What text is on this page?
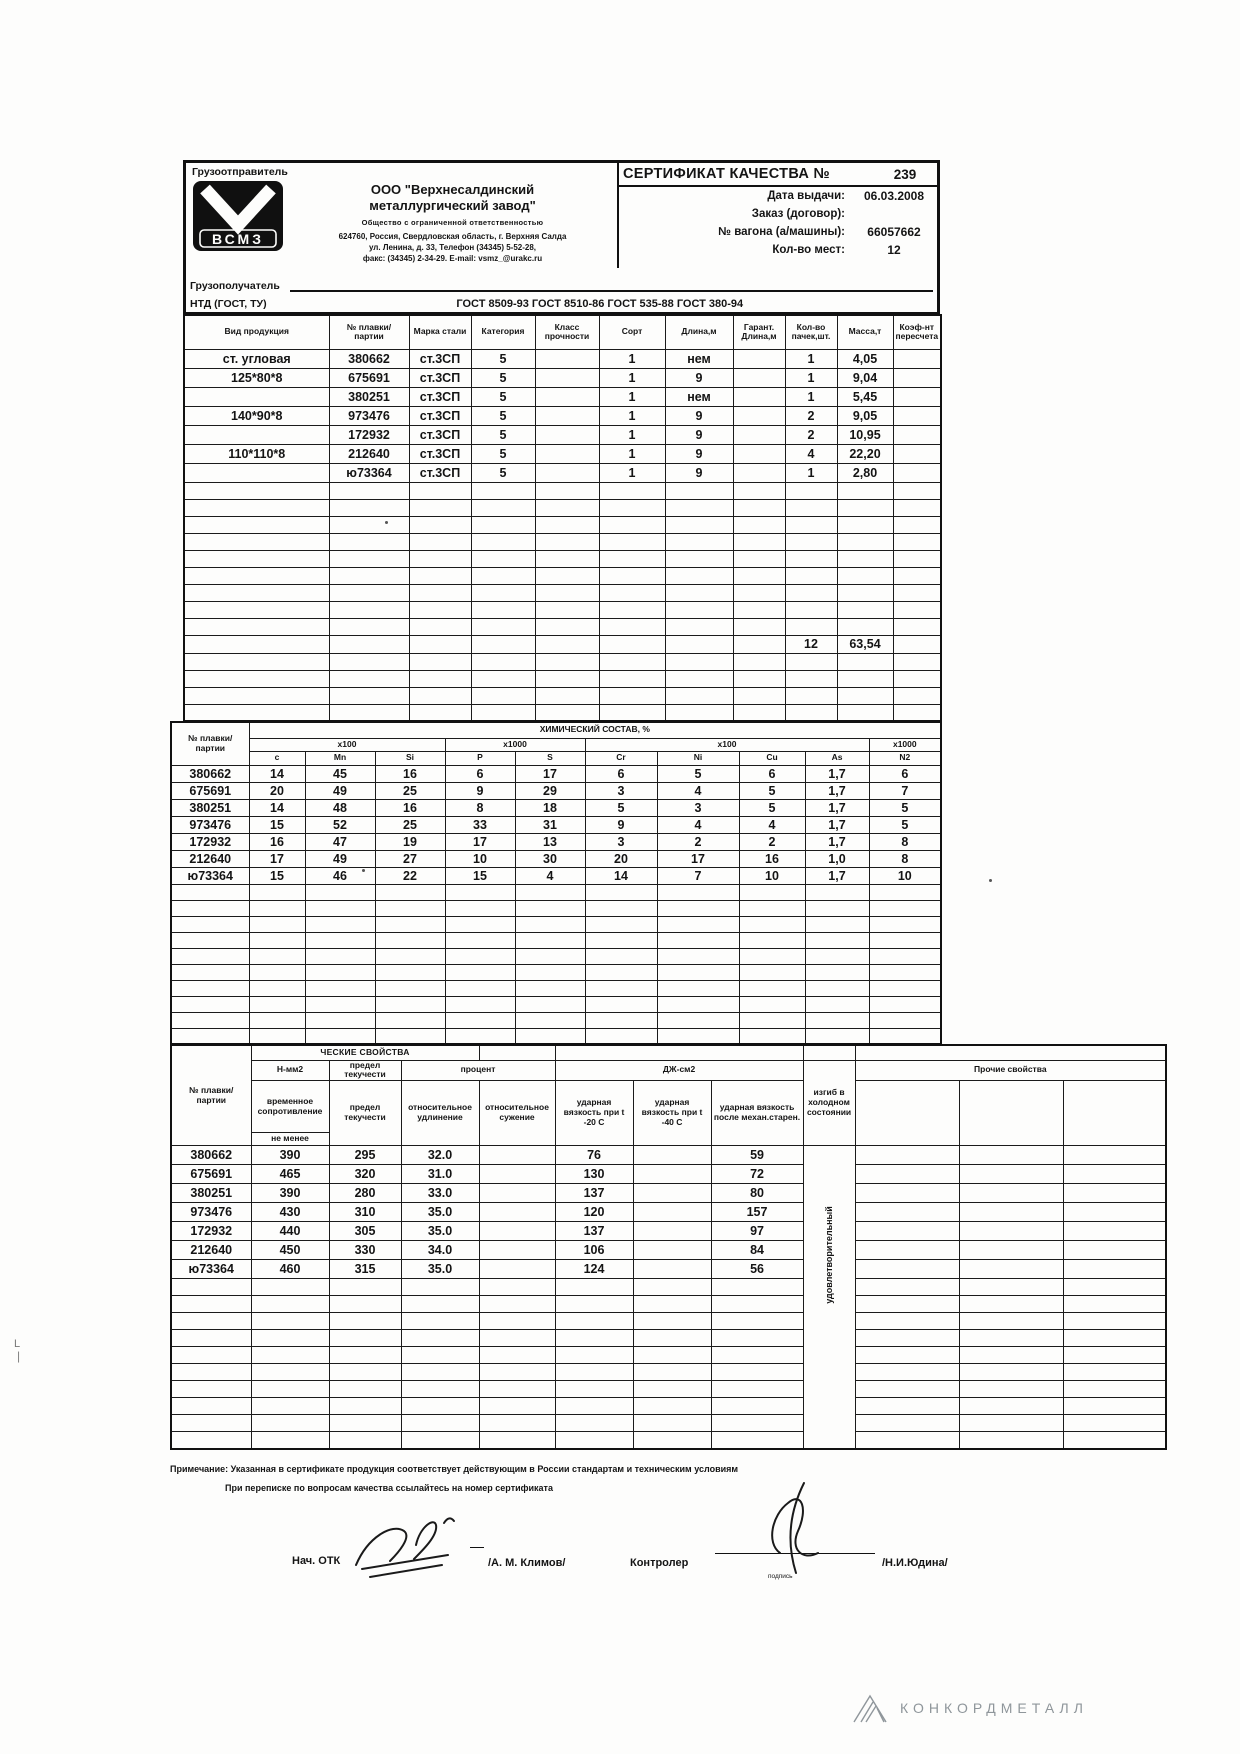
Грузоотправитель
ВСМЗ
ООО "Верхнесалдинский
металлургический завод"
Общество с ограниченной ответственностью
624760, Россия, Свердловская область, г. Верхняя Салда
ул. Ленина, д. 33, Телефон (34345) 5-52-28,
факс: (34345) 2-34-29. E-mail: vsmz_@urakc.ru
СЕРТИФИКАТ КАЧЕСТВА №	239
Дата выдачи:	06.03.2008
Заказ (договор):
№ вагона (а/машины):	66057662
Кол-во мест:	12
Грузополучатель
НТД (ГОСТ, ТУ)	ГОСТ 8509-93 ГОСТ 8510-86 ГОСТ 535-88 ГОСТ 380-94
Вид продукция	№ плавки/ партии	Марка стали	Категория	Класс прочности	Сорт	Длина,м	Гарант. Длина,м	Кол-во пачек,шт.	Масса,т	Коэф-нт пересчета
ст. угловая	380662	ст.3СП	5		1	нем		1	4,05	
125*80*8	675691	ст.3СП	5		1	9		1	9,04	
	380251	ст.3СП	5		1	нем		1	5,45	
140*90*8	973476	ст.3СП	5		1	9		2	9,05	
	172932	ст.3СП	5		1	9		2	10,95	
110*110*8	212640	ст.3СП	5		1	9		4	22,20	
	ю73364	ст.3СП	5		1	9		1	2,80	

								12	63,54	

№ плавки/ партии	ХИМИЧЕСКИЙ СОСТАВ, %									
	х100			х1000		х100				х1000
	с	Mn	Si	P	S	Cr	Ni	Cu	As	N2
380662	14	45	16	6	17	6	5	6	1,7	6
675691	20	49	25	9	29	3	4	5	1,7	7
380251	14	48	16	8	18	5	3	5	1,7	5
973476	15	52	25	33	31	9	4	4	1,7	5
172932	16	47	19	17	13	3	2	2	1,7	8
212640	17	49	27	10	30	20	17	16	1,0	8
ю73364	15	46	22	15	4	14	7	10	1,7	10

№ плавки/ партии	ЧЕСКИЕ СВОЙСТВА										
	Н-мм2	предел текучести	процент		ДЖ-см2			изгиб в холодном состоянии	Прочие свойства		
	временное сопротивление	предел текучести	относительное удлинение	относительное сужение	ударная вязкость при t -20 С	ударная вязкость при t -40 С	ударная вязкость после механ.старен.				
	не менее										
380662	390	295	32.0		76		59	удовлетворительный			

675691	465	320	31.0		130		72				
380251	390	280	33.0		137		80				
973476	430	310	35.0		120		157				
172932	440	305	35.0		137		97				
212640	450	330	34.0		106		84				
ю73364	460	315	35.0		124		56				

Примечание: Указанная в сертификате продукция соответствует действующим в России стандартам и техническим условиям
При переписке по вопросам качества ссылайтесь на номер сертификата
Нач. ОТК	/А. М. Климов/	Контролер
подпись
/Н.И.Юдина/
L
❘
КОНКОРДМЕТАЛЛ
